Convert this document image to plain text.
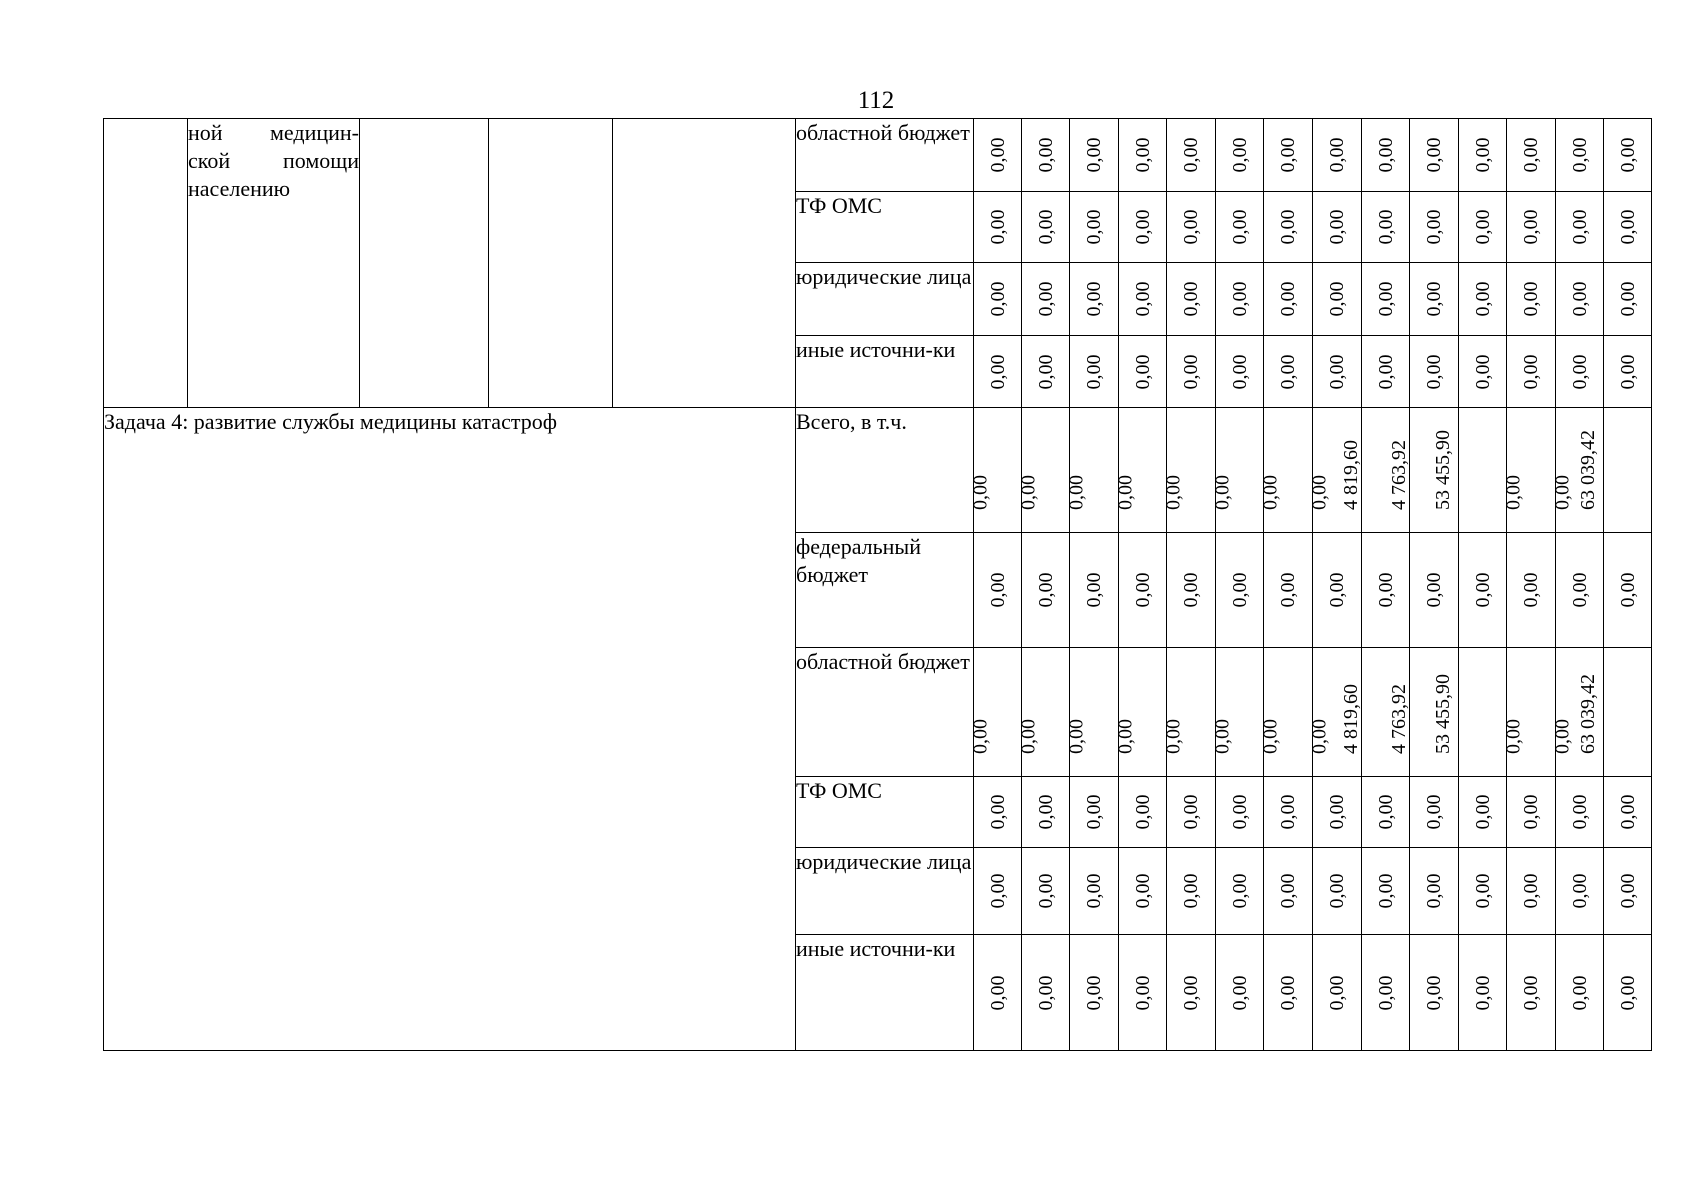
112
	ной медицин-ской помощи населению				областной бюджет	0,00	0,00	0,00	0,00	0,00	0,00	0,00	0,00	0,00	0,00	0,00	0,00	0,00	0,00

					ТФ ОМС	0,00	0,00	0,00	0,00	0,00	0,00	0,00	0,00	0,00	0,00	0,00	0,00	0,00	0,00

					юридические лица	0,00	0,00	0,00	0,00	0,00	0,00	0,00	0,00	0,00	0,00	0,00	0,00	0,00	0,00

					иные источни-ки	0,00	0,00	0,00	0,00	0,00	0,00	0,00	0,00	0,00	0,00	0,00	0,00	0,00	0,00

Задача 4: развитие службы медицины катастроф					Всего, в т.ч.	0,00	0,00	0,00	0,00	0,00	0,00	0,00	0,00	4 819,60	4 763,92	53 455,90	0,00	0,00	63 039,42

					федеральный бюджет	0,00	0,00	0,00	0,00	0,00	0,00	0,00	0,00	0,00	0,00	0,00	0,00	0,00	0,00

					областной бюджет	0,00	0,00	0,00	0,00	0,00	0,00	0,00	0,00	4 819,60	4 763,92	53 455,90	0,00	0,00	63 039,42

					ТФ ОМС	0,00	0,00	0,00	0,00	0,00	0,00	0,00	0,00	0,00	0,00	0,00	0,00	0,00	0,00

					юридические лица	0,00	0,00	0,00	0,00	0,00	0,00	0,00	0,00	0,00	0,00	0,00	0,00	0,00	0,00

					иные источни-ки	0,00	0,00	0,00	0,00	0,00	0,00	0,00	0,00	0,00	0,00	0,00	0,00	0,00	0,00
